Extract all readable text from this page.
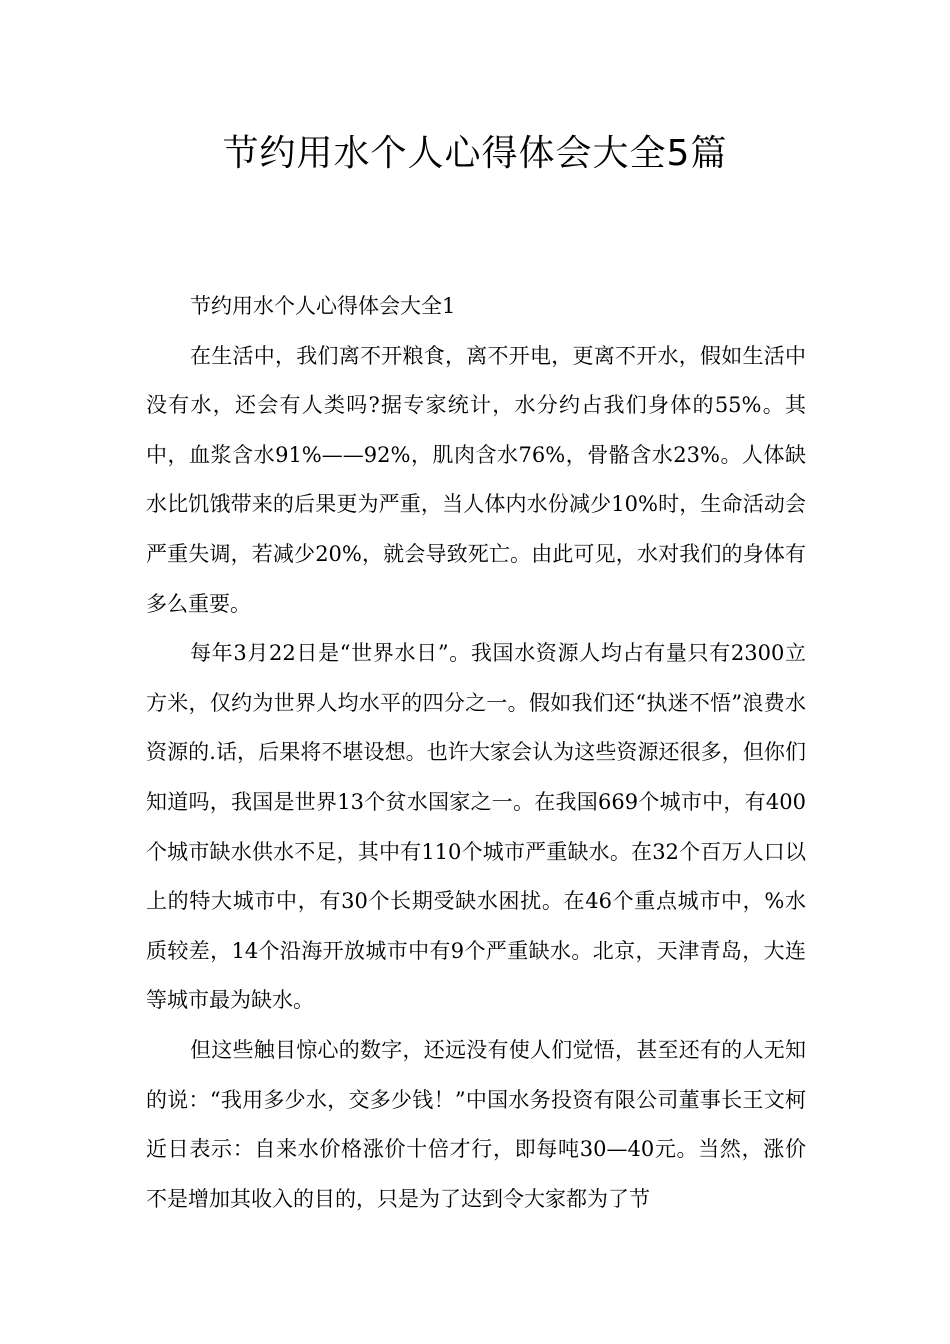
节约用水个人心得体会大全5篇
节约用水个人心得体会大全1

在生活中，我们离不开粮食，离不开电，更离不开水，假如生活中没有水，还会有人类吗?据专家统计，水分约占我们身体的55%。其中，血浆含水91%——92%，肌肉含水76%，骨骼含水23%。人体缺水比饥饿带来的后果更为严重，当人体内水份减少10%时，生命活动会严重失调，若减少20%，就会导致死亡。由此可见，水对我们的身体有多么重要。

每年3月22日是“世界水日”。我国水资源人均占有量只有2300立方米，仅约为世界人均水平的四分之一。假如我们还“执迷不悟”浪费水资源的.话，后果将不堪设想。也许大家会认为这些资源还很多，但你们知道吗，我国是世界13个贫水国家之一。在我国669个城市中，有400个城市缺水供水不足，其中有110个城市严重缺水。在32个百万人口以上的特大城市中，有30个长期受缺水困扰。在46个重点城市中，%水质较差，14个沿海开放城市中有9个严重缺水。北京，天津青岛，大连等城市最为缺水。

但这些触目惊心的数字，还远没有使人们觉悟，甚至还有的人无知的说：“我用多少水，交多少钱！”中国水务投资有限公司董事长王文柯近日表示：自来水价格涨价十倍才行，即每吨30—40元。当然，涨价不是增加其收入的目的，只是为了达到令大家都为了节
